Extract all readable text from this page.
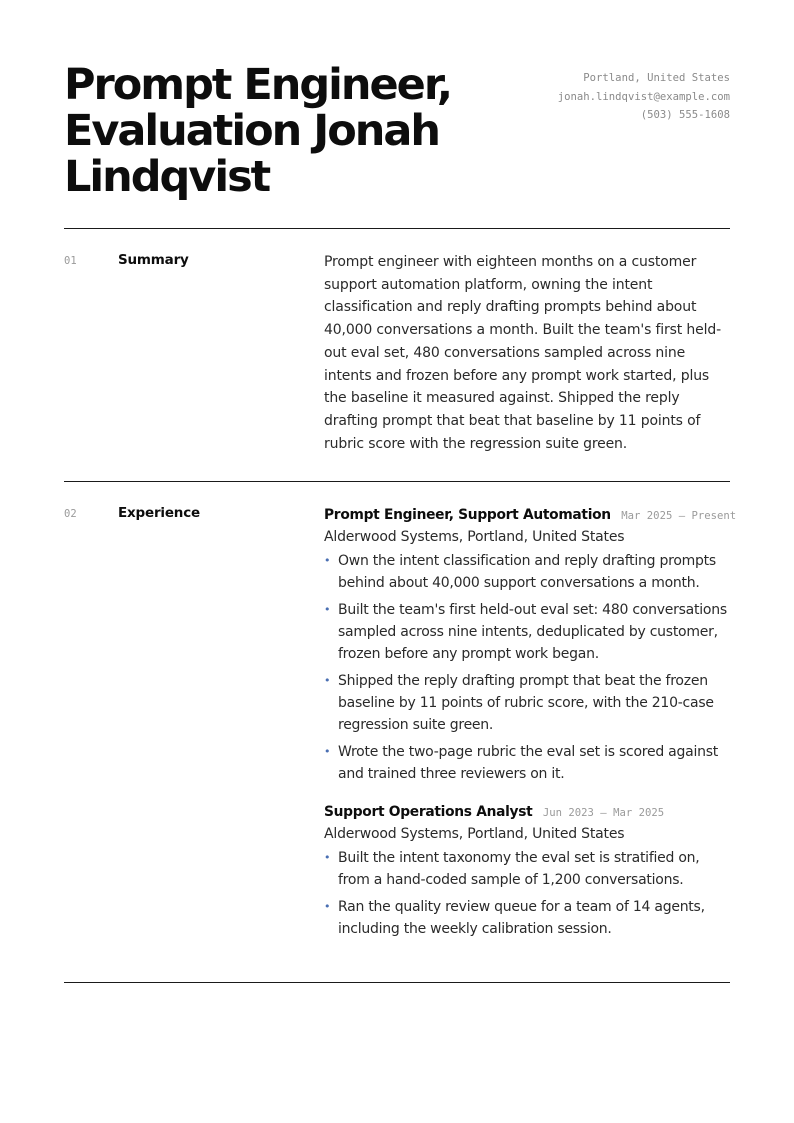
Prompt Engineer, Evaluation Jonah Lindqvist
Portland, United States
jonah.lindqvist@example.com
(503) 555-1608
01	Summary	Prompt engineer with eighteen months on a customer support automation platform, owning the intent classification and reply drafting prompts behind about 40,000 conversations a month. Built the team's first held-out eval set, 480 conversations sampled across nine intents and frozen before any prompt work started, plus the baseline it measured against. Shipped the reply drafting prompt that beat that baseline by 11 points of rubric score with the regression suite green.
02	Experience	Prompt Engineer, Support Automation Mar 2025 – Present
Alderwood Systems, Portland, United States
• Own the intent classification and reply drafting prompts behind about 40,000 support conversations a month.
• Built the team's first held-out eval set: 480 conversations sampled across nine intents, deduplicated by customer, frozen before any prompt work began.
• Shipped the reply drafting prompt that beat the frozen baseline by 11 points of rubric score, with the 210-case regression suite green.
• Wrote the two-page rubric the eval set is scored against and trained three reviewers on it.
Support Operations Analyst Jun 2023 – Mar 2025
Alderwood Systems, Portland, United States
• Built the intent taxonomy the eval set is stratified on, from a hand-coded sample of 1,200 conversations.
• Ran the quality review queue for a team of 14 agents, including the weekly calibration session.
